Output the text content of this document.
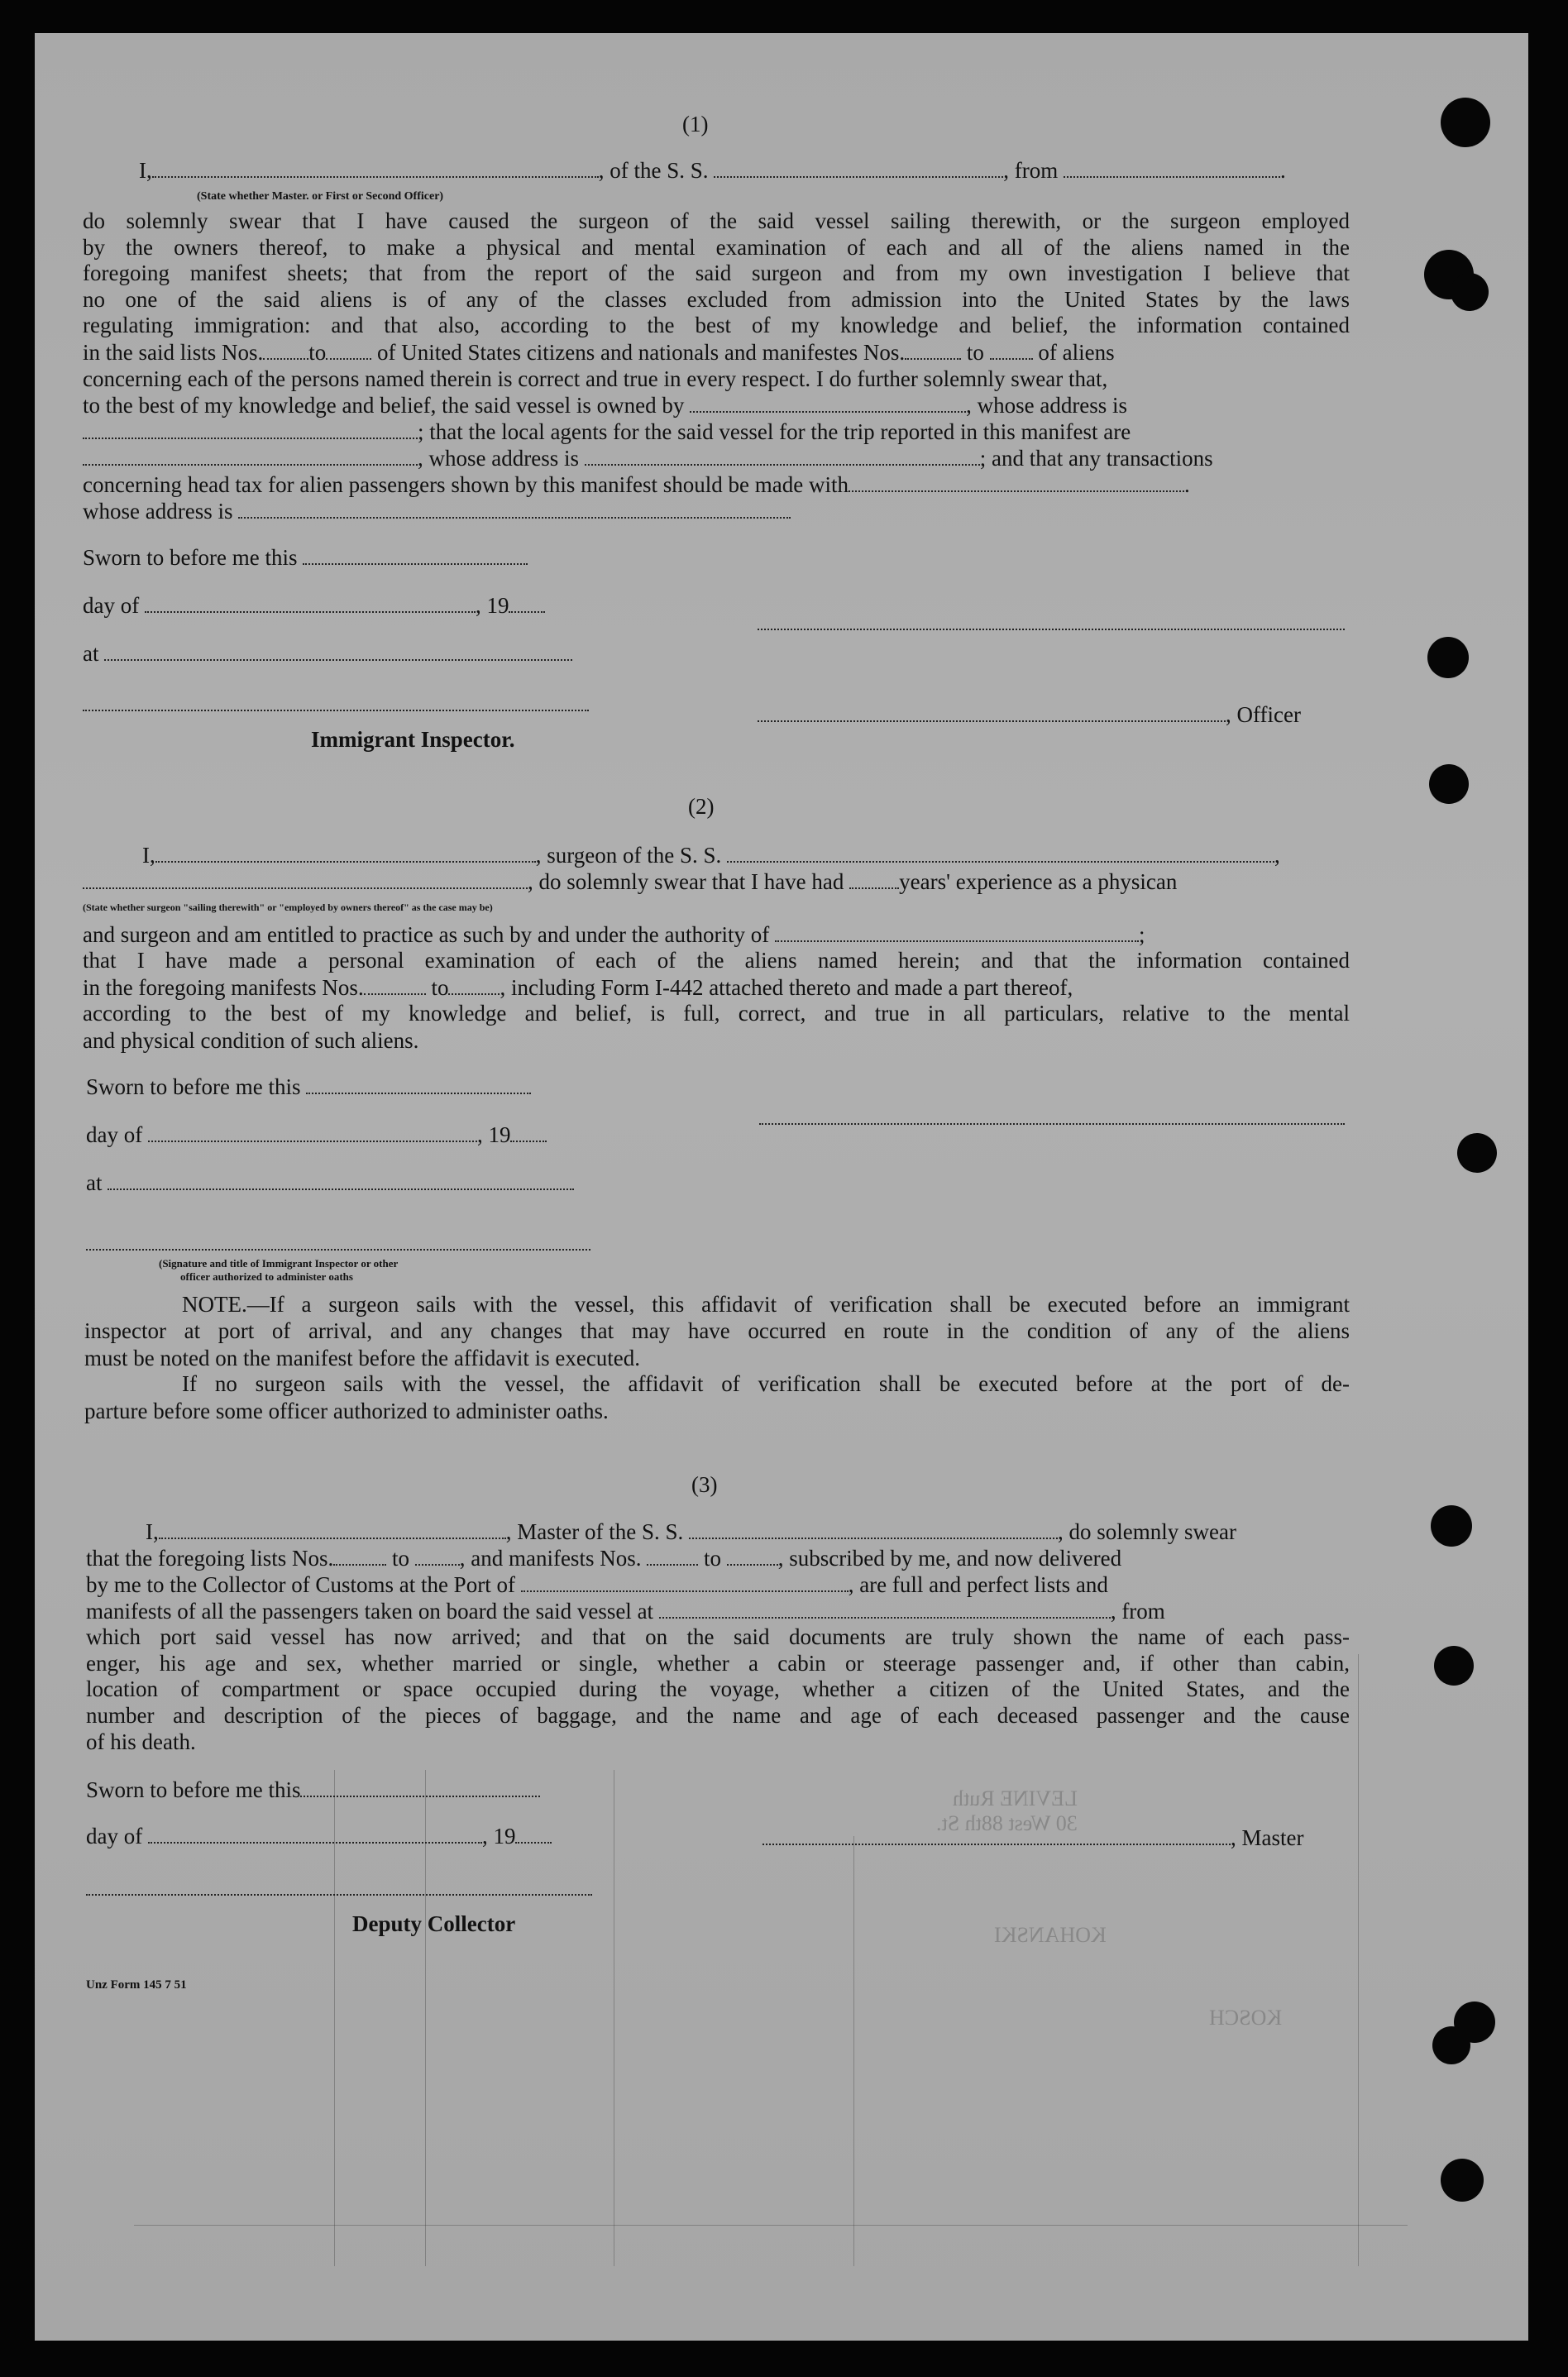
LEVINE Ruth
30 West 88th St.
KOHANSKI
KOSCH
(1)
I,	, of the S. S.	, from	.
(State whether Master. or First or Second Officer)
do solemnly swear that I have caused the surgeon of the said vessel sailing therewith, or the surgeon employed
by the owners thereof, to make a physical and mental examination of each and all of the aliens named in the
foregoing manifest sheets; that from the report of the said surgeon and from my own investigation I believe that
no one of the said aliens is of any of the classes excluded from admission into the United States by the laws
regulating immigration: and that also, according to the best of my knowledge and belief, the information contained
in the said lists Nos. to of United States citizens and nationals and manifestes Nos.	to of aliens
concerning each of the persons named therein is correct and true in every respect. I do further solemnly swear that,
to the best of my knowledge and belief, the said vessel is owned by	, whose address is
; that the local agents for the said vessel for the trip reported in this manifest are
, whose address is	; and that any transactions
concerning head tax for alien passengers shown by this manifest should be made with	.
whose address is
Sworn to before me this
day of	, 19
at
, Officer
Immigrant Inspector.
(2)
I,	, surgeon of the S. S.	,
, do solemnly swear that I have had years' experience as a physican
(State whether surgeon "sailing therewith" or "employed by owners thereof" as the case may be)
and surgeon and am entitled to practice as such by and under the authority of	;
that I have made a personal examination of each of the aliens named herein; and that the information contained
in the foregoing manifests Nos.	to , including Form I-442 attached thereto and made a part thereof,
according to the best of my knowledge and belief, is full, correct, and true in all particulars, relative to the mental
and physical condition of such aliens.
Sworn to before me this
day of	, 19
at
(Signature and title of Immigrant Inspector or other
officer authorized to administer oaths
NOTE.—If a surgeon sails with the vessel, this affidavit of verification shall be executed before an immigrant
inspector at port of arrival, and any changes that may have occurred en route in the condition of any of the aliens
must be noted on the manifest before the affidavit is executed.
If no surgeon sails with the vessel, the affidavit of verification shall be executed before at the port of de-
parture before some officer authorized to administer oaths.
(3)
I,	, Master of the S. S.	, do solemnly swear
that the foregoing lists Nos.	to , and manifests Nos.	to	, subscribed by me, and now delivered
by me to the Collector of Customs at the Port of	, are full and perfect lists and
manifests of all the passengers taken on board the said vessel at	, from
which port said vessel has now arrived; and that on the said documents are truly shown the name of each pass-
enger, his age and sex, whether married or single, whether a cabin or steerage passenger and, if other than cabin,
location of compartment or space occupied during the voyage, whether a citizen of the United States, and the
number and description of the pieces of baggage, and the name and age of each deceased passenger and the cause
of his death.
Sworn to before me this
day of	, 19	, Master
Deputy Collector
Unz Form 145 7 51
